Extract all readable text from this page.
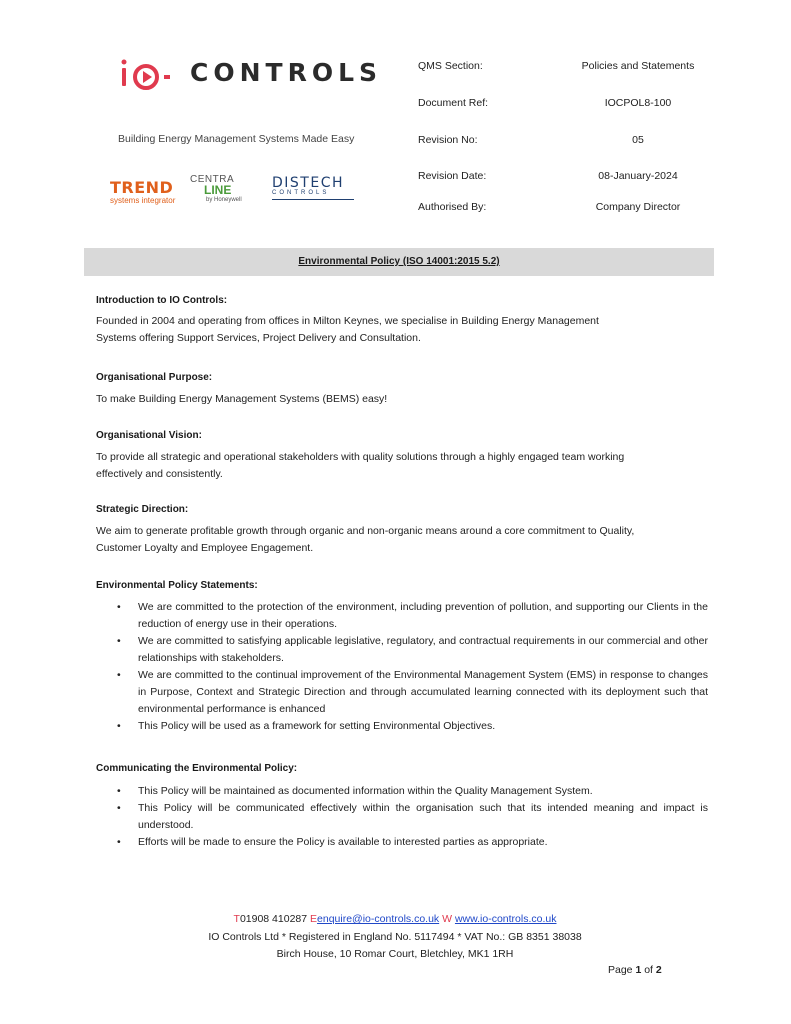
CONTROLS
Building Energy Management Systems Made Easy
TREND
systems integrator
CENTRA
LINE
by Honeywell
DISTECH
CONTROLS
QMS Section:	Policies and Statements
Document Ref:	IOCPOL8-100
Revision No:	05
Revision Date:	08-January-2024
Authorised By:	Company Director
Environmental Policy (ISO 14001:2015 5.2)
Introduction to IO Controls:
Founded in 2004 and operating from offices in Milton Keynes, we specialise in Building Energy Management
Systems offering Support Services, Project Delivery and Consultation.
Organisational Purpose:
To make Building Energy Management Systems (BEMS) easy!
Organisational Vision:
To provide all strategic and operational stakeholders with quality solutions through a highly engaged team working
effectively and consistently.
Strategic Direction:
We aim to generate profitable growth through organic and non-organic means around a core commitment to Quality,
Customer Loyalty and Employee Engagement.
Environmental Policy Statements:
• We are committed to the protection of the environment, including prevention of pollution, and supporting our Clients in the reduction of energy use in their operations.
• We are committed to satisfying applicable legislative, regulatory, and contractual requirements in our commercial and other relationships with stakeholders.
• We are committed to the continual improvement of the Environmental Management System (EMS) in response to changes in Purpose, Context and Strategic Direction and through accumulated learning connected with its deployment such that environmental performance is enhanced
• This Policy will be used as a framework for setting Environmental Objectives.
Communicating the Environmental Policy:
• This Policy will be maintained as documented information within the Quality Management System.
• This Policy will be communicated effectively within the organisation such that its intended meaning and impact is understood.
• Efforts will be made to ensure the Policy is available to interested parties as appropriate.
T01908 410287 Eenquire@io-controls.co.uk W www.io-controls.co.uk
IO Controls Ltd * Registered in England No. 5117494 * VAT No.: GB 8351 38038
Birch House, 10 Romar Court, Bletchley, MK1 1RH
Page 1 of 2
